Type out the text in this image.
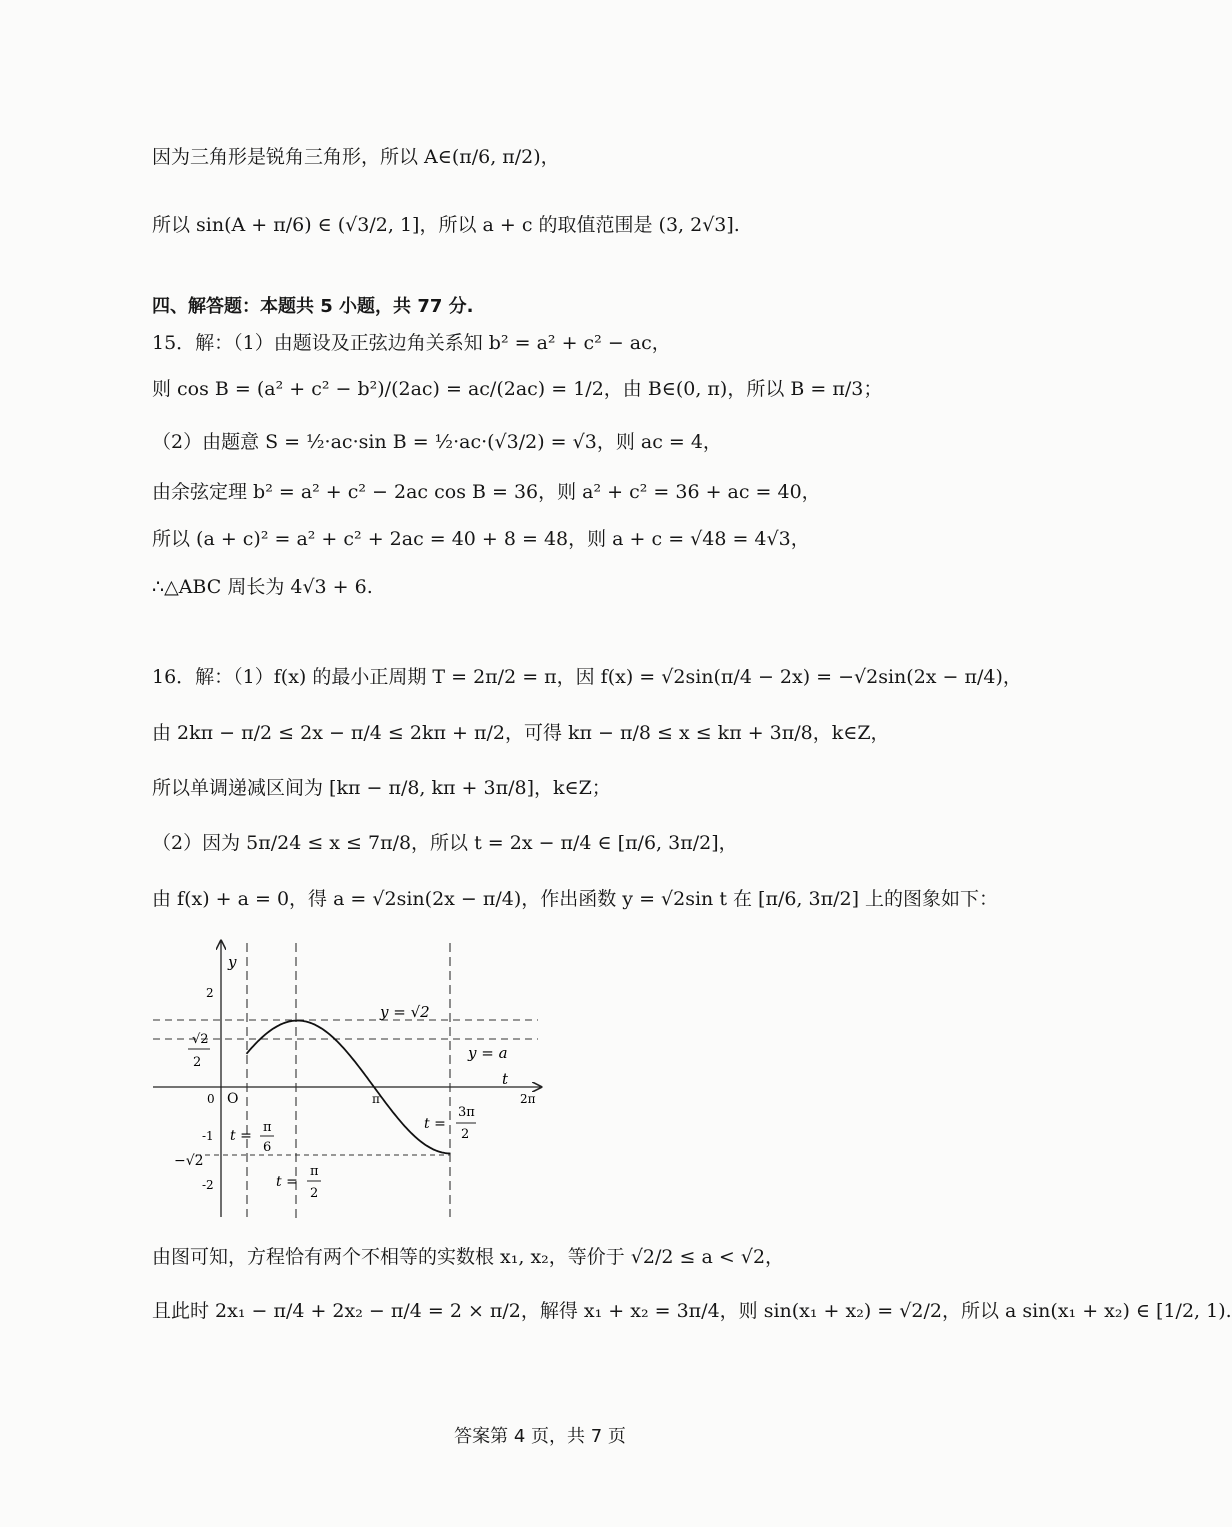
因为三角形是锐角三角形，所以 A∈(π/6, π/2)，
所以 sin(A + π/6) ∈ (√3/2, 1]，所以 a + c 的取值范围是 (3, 2√3].
四、解答题：本题共 5 小题，共 77 分.
15．解：（1）由题设及正弦边角关系知 b² = a² + c² − ac，
则 cos B = (a² + c² − b²)/(2ac) = ac/(2ac) = 1/2，由 B∈(0, π)，所以 B = π/3；
（2）由题意 S = ½·ac·sin B = ½·ac·(√3/2) = √3，则 ac = 4，
由余弦定理 b² = a² + c² − 2ac cos B = 36，则 a² + c² = 36 + ac = 40，
所以 (a + c)² = a² + c² + 2ac = 40 + 8 = 48，则 a + c = √48 = 4√3，
∴△ABC 周长为 4√3 + 6.
16．解：（1）f(x) 的最小正周期 T = 2π/2 = π，因 f(x) = √2sin(π/4 − 2x) = −√2sin(2x − π/4)，
由 2kπ − π/2 ≤ 2x − π/4 ≤ 2kπ + π/2，可得 kπ − π/8 ≤ x ≤ kπ + 3π/8，k∈Z，
所以单调递减区间为 [kπ − π/8, kπ + 3π/8]，k∈Z；
（2）因为 5π/24 ≤ x ≤ 7π/8，所以 t = 2x − π/4 ∈ [π/6, 3π/2]，
由 f(x) + a = 0，得 a = √2sin(2x − π/4)，作出函数 y = √2sin t 在 [π/6, 3π/2] 上的图象如下：
y
t
O
2
√2
2
0
-1
−√2
-2
π	2π
y = √2
y = a
t =
π
6
t =
π
2
t =
3π
2
由图可知，方程恰有两个不相等的实数根 x₁, x₂，等价于 √2/2 ≤ a < √2，
且此时 2x₁ − π/4 + 2x₂ − π/4 = 2 × π/2，解得 x₁ + x₂ = 3π/4，则 sin(x₁ + x₂) = √2/2，所以 a sin(x₁ + x₂) ∈ [1/2, 1).
答案第 4 页，共 7 页
